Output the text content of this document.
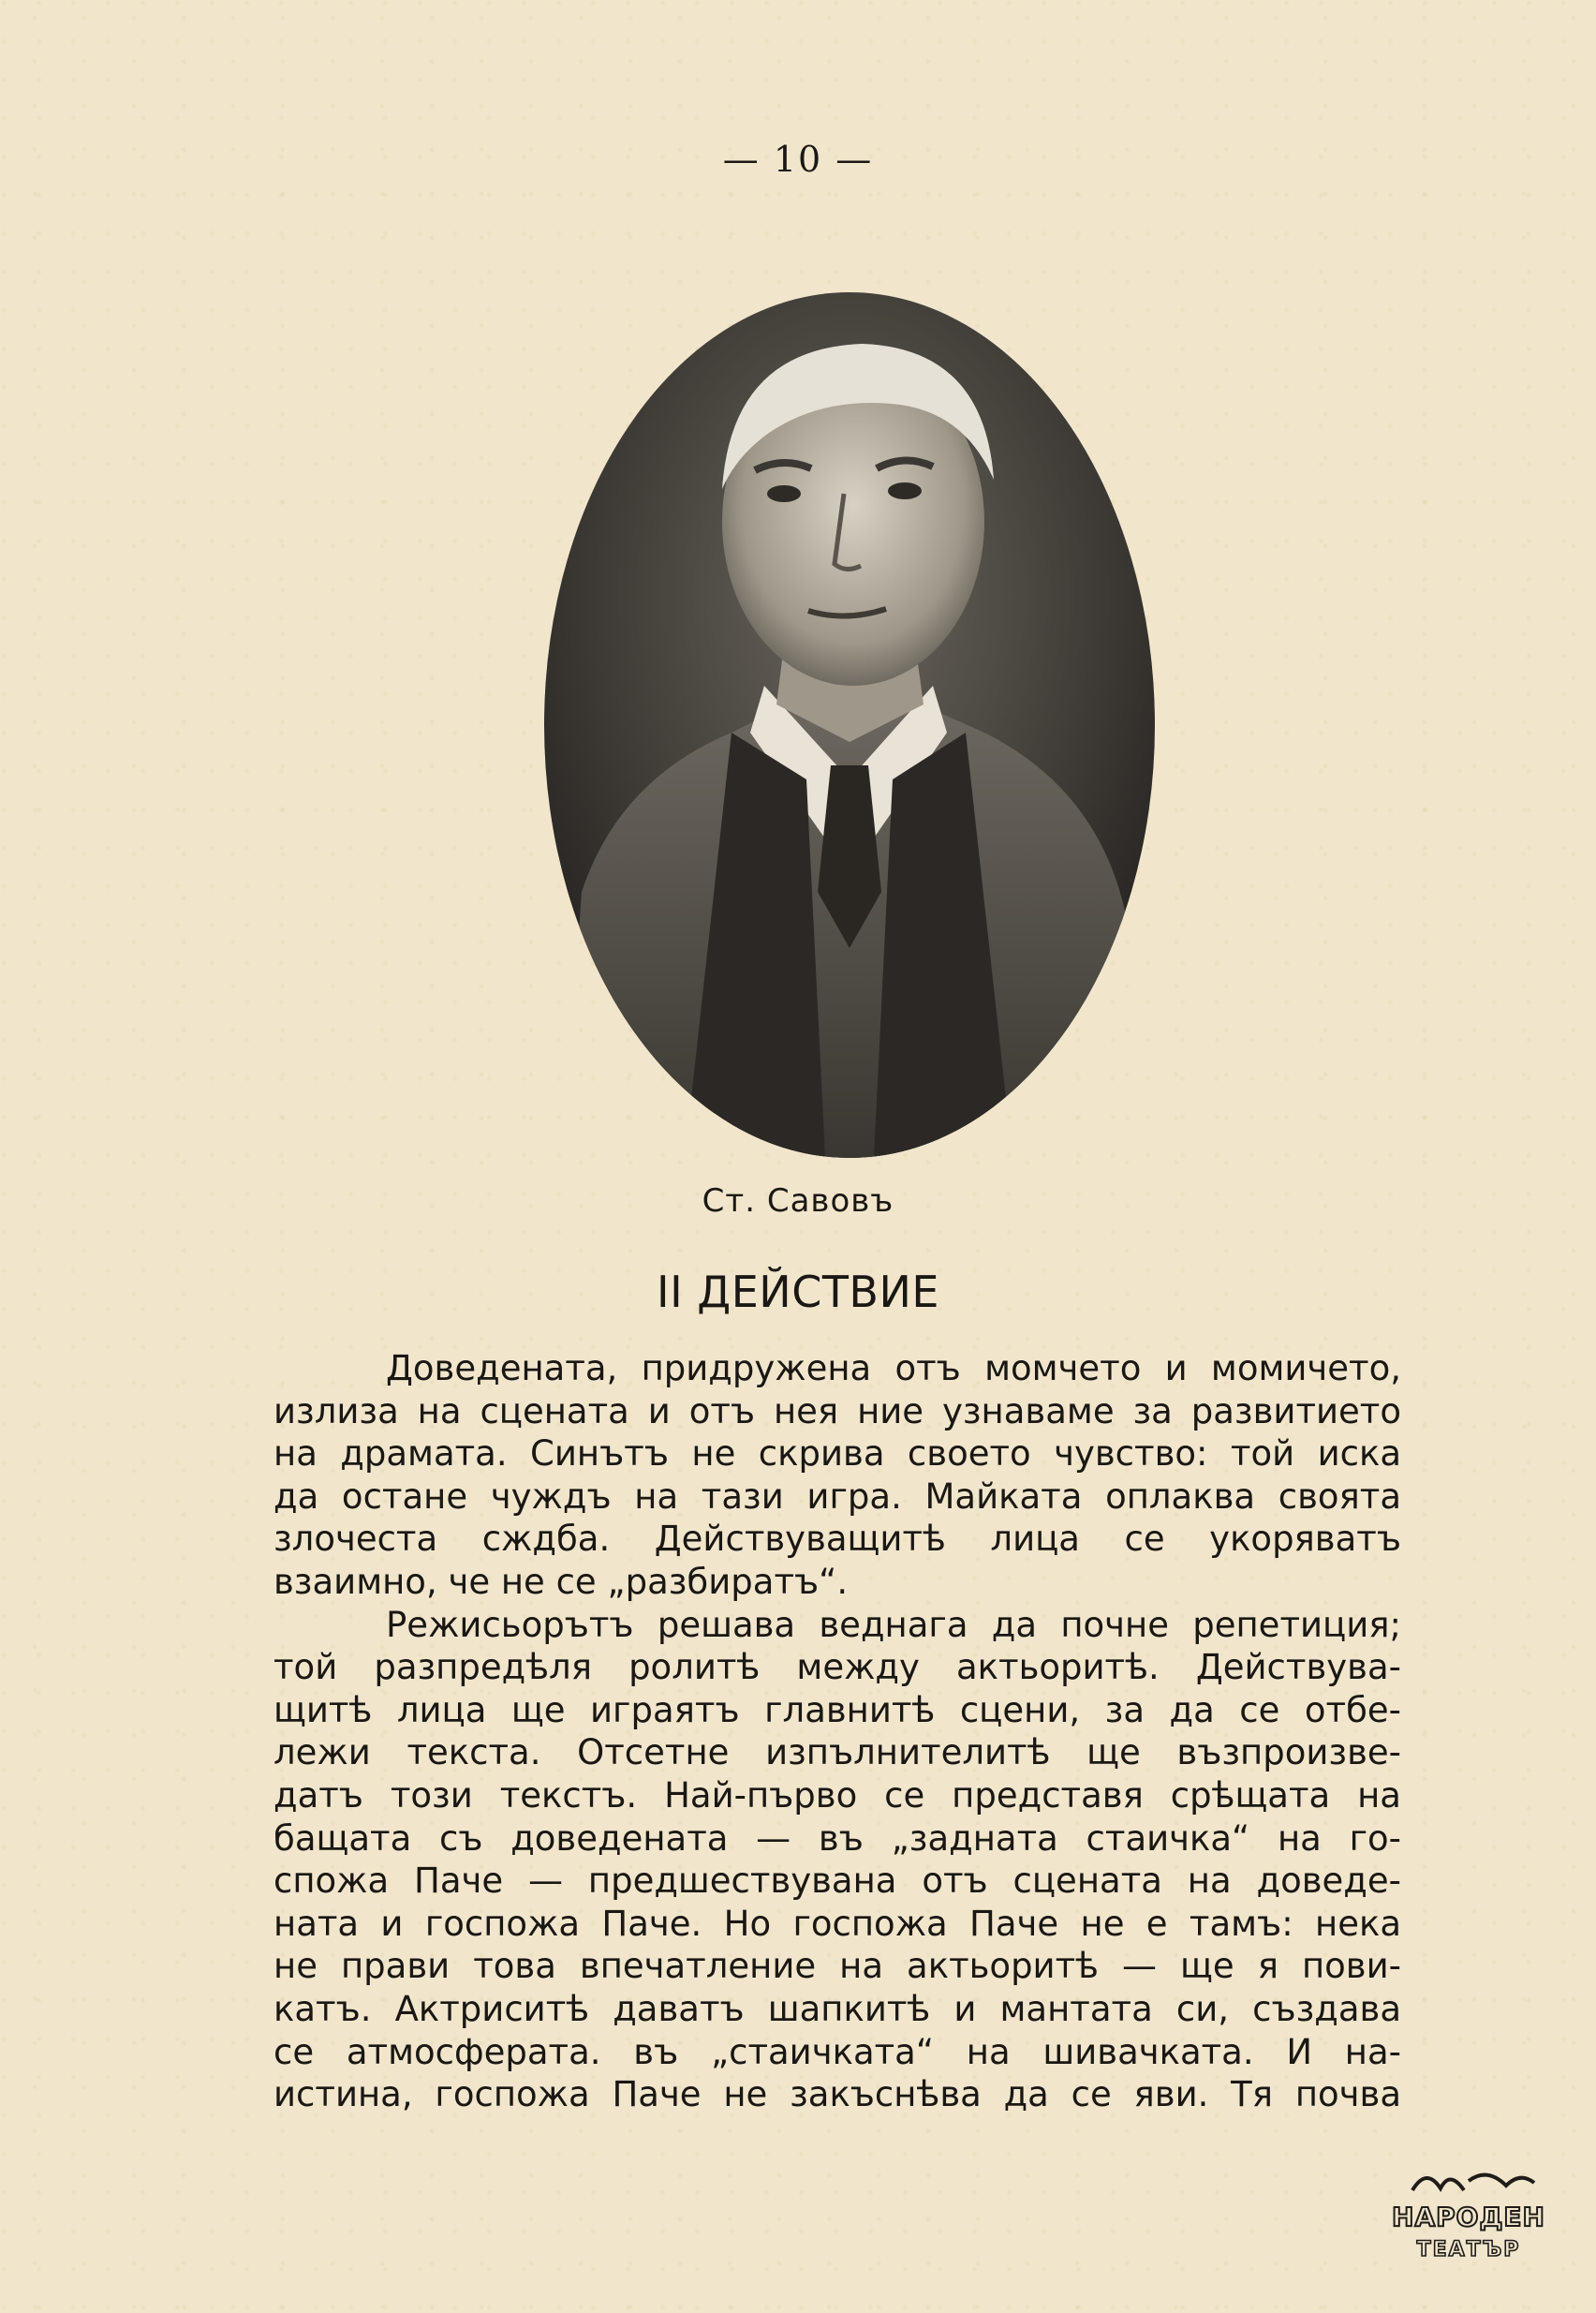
— 10 —
Ст. Савовъ
II ДЕЙСТВИЕ
Доведената, придружена отъ момчето и момичето,
излиза на сцената и отъ нея ние узнаваме за развитието
на драмата. Синътъ не скрива своето чувство: той иска
да остане чуждъ на тази игра. Майката оплаква своята
злочеста сждба. Действуващитѣ лица се укоряватъ
взаимно, че не се „разбиратъ“.
Режисьорътъ решава веднага да почне репетиция;
той разпредѣля ролитѣ между актьоритѣ. Действува-
щитѣ лица ще играятъ главнитѣ сцени, за да се отбе-
лежи текста. Отсетне изпълнителитѣ ще възпроизве-
датъ този текстъ. Най-първо се представя срѣщата на
бащата съ доведената — въ „задната стаичка“ на го-
спожа Паче — предшествувана отъ сцената на доведе-
ната и госпожа Паче. Но госпожа Паче не е тамъ: нека
не прави това впечатление на актьоритѣ — ще я пови-
катъ. Актриситѣ даватъ шапкитѣ и мантата си, създава
се атмосферата. въ „стаичката“ на шивачката. И на-
истина, госпожа Паче не закъснѣва да се яви. Тя почва
НАРОДЕН
ТЕАТЪР
